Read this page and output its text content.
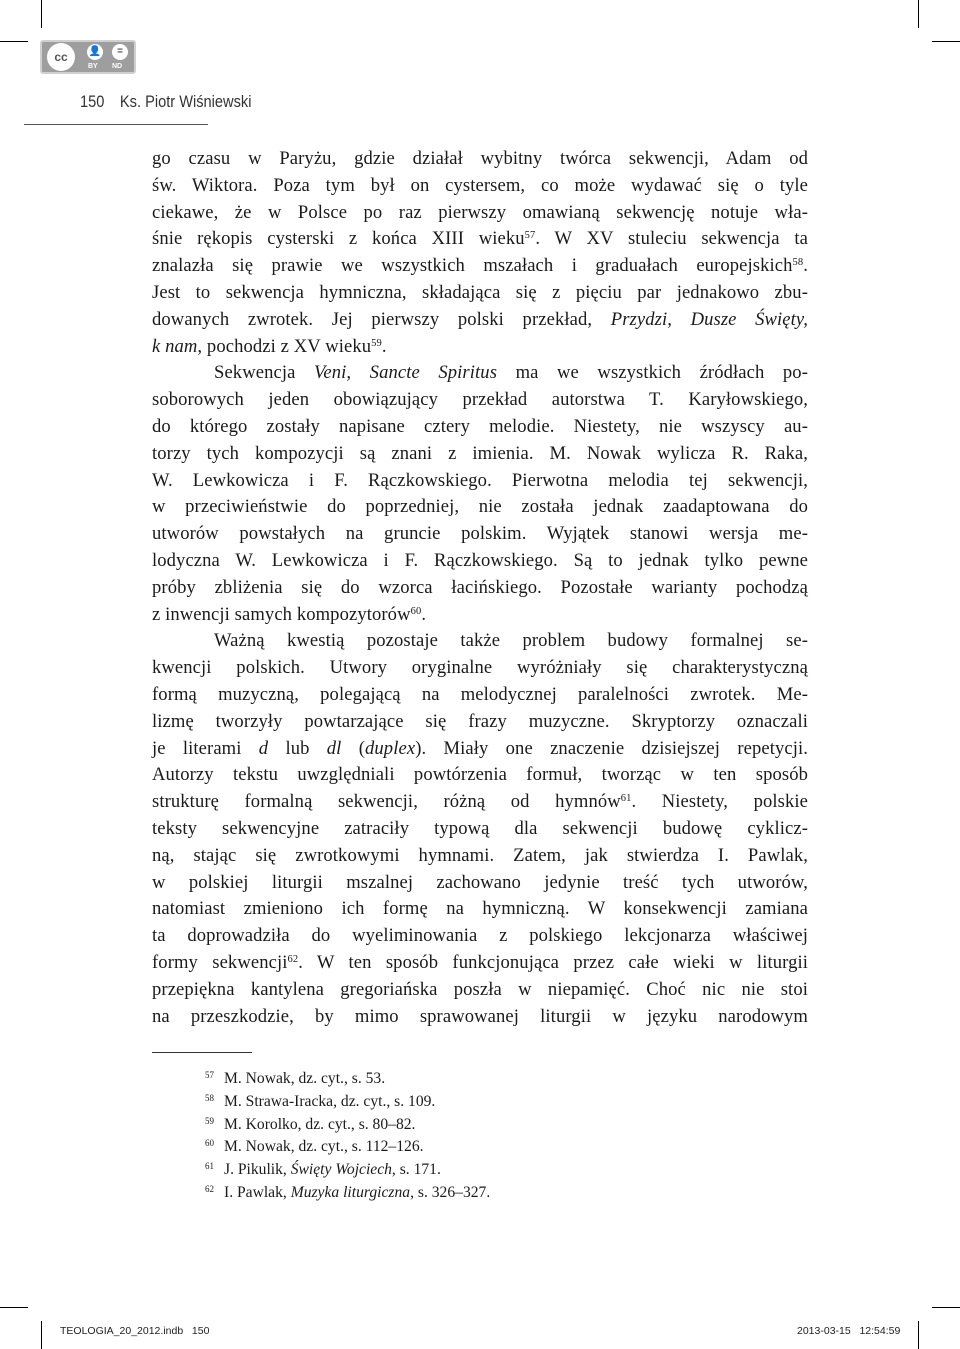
cc	👤	=
BY ND
150 Ks. Piotr Wiśniewski
go czasu w Paryżu, gdzie działał wybitny twórca sekwencji, Adam od
św. Wiktora. Poza tym był on cystersem, co może wydawać się o tyle
ciekawe, że w Polsce po raz pierwszy omawianą sekwencję notuje wła-
śnie rękopis cysterski z końca XIII wieku$^{57}$. W XV stuleciu sekwencja ta
znalazła się prawie we wszystkich mszałach i graduałach europejskich$^{58}$.
Jest to sekwencja hymniczna, składająca się z pięciu par jednakowo zbu-
dowanych zwrotek. Jej pierwszy polski przekład, Przydzi, Dusze Święty,
k nam, pochodzi z XV wieku$^{59}$.
Sekwencja Veni, Sancte Spiritus ma we wszystkich źródłach po-
soborowych jeden obowiązujący przekład autorstwa T. Karyłowskiego,
do którego zostały napisane cztery melodie. Niestety, nie wszyscy au-
torzy tych kompozycji są znani z imienia. M. Nowak wylicza R. Raka,
W. Lewkowicza i F. Rączkowskiego. Pierwotna melodia tej sekwencji,
w przeciwieństwie do poprzedniej, nie została jednak zaadaptowana do
utworów powstałych na gruncie polskim. Wyjątek stanowi wersja me-
lodyczna W. Lewkowicza i F. Rączkowskiego. Są to jednak tylko pewne
próby zbliżenia się do wzorca łacińskiego. Pozostałe warianty pochodzą
z inwencji samych kompozytorów$^{60}$.
Ważną kwestią pozostaje także problem budowy formalnej se-
kwencji polskich. Utwory oryginalne wyróżniały się charakterystyczną
formą muzyczną, polegającą na melodycznej paralelności zwrotek. Me-
lizmę tworzyły powtarzające się frazy muzyczne. Skryptorzy oznaczali
je literami d lub dl (duplex). Miały one znaczenie dzisiejszej repetycji.
Autorzy tekstu uwzględniali powtórzenia formuł, tworząc w ten sposób
strukturę formalną sekwencji, różną od hymnów$^{61}$. Niestety, polskie
teksty sekwencyjne zatraciły typową dla sekwencji budowę cyklicz-
ną, stając się zwrotkowymi hymnami. Zatem, jak stwierdza I. Pawlak,
w polskiej liturgii mszalnej zachowano jedynie treść tych utworów,
natomiast zmieniono ich formę na hymniczną. W konsekwencji zamiana
ta doprowadziła do wyeliminowania z polskiego lekcjonarza właściwej
formy sekwencji$^{62}$. W ten sposób funkcjonująca przez całe wieki w liturgii
przepiękna kantylena gregoriańska poszła w niepamięć. Choć nic nie stoi
na przeszkodzie, by mimo sprawowanej liturgii w języku narodowym
$^{57}$ M. Nowak, dz. cyt., s. 53.
$^{58}$ M. Strawa-Iracka, dz. cyt., s. 109.
$^{59}$ M. Korolko, dz. cyt., s. 80–82.
$^{60}$ M. Nowak, dz. cyt., s. 112–126.
$^{61}$ J. Pikulik, Święty Wojciech, s. 171.
$^{62}$ I. Pawlak, Muzyka liturgiczna, s. 326–327.
TEOLOGIA_20_2012.indb   150	2013-03-15   12:54:59
